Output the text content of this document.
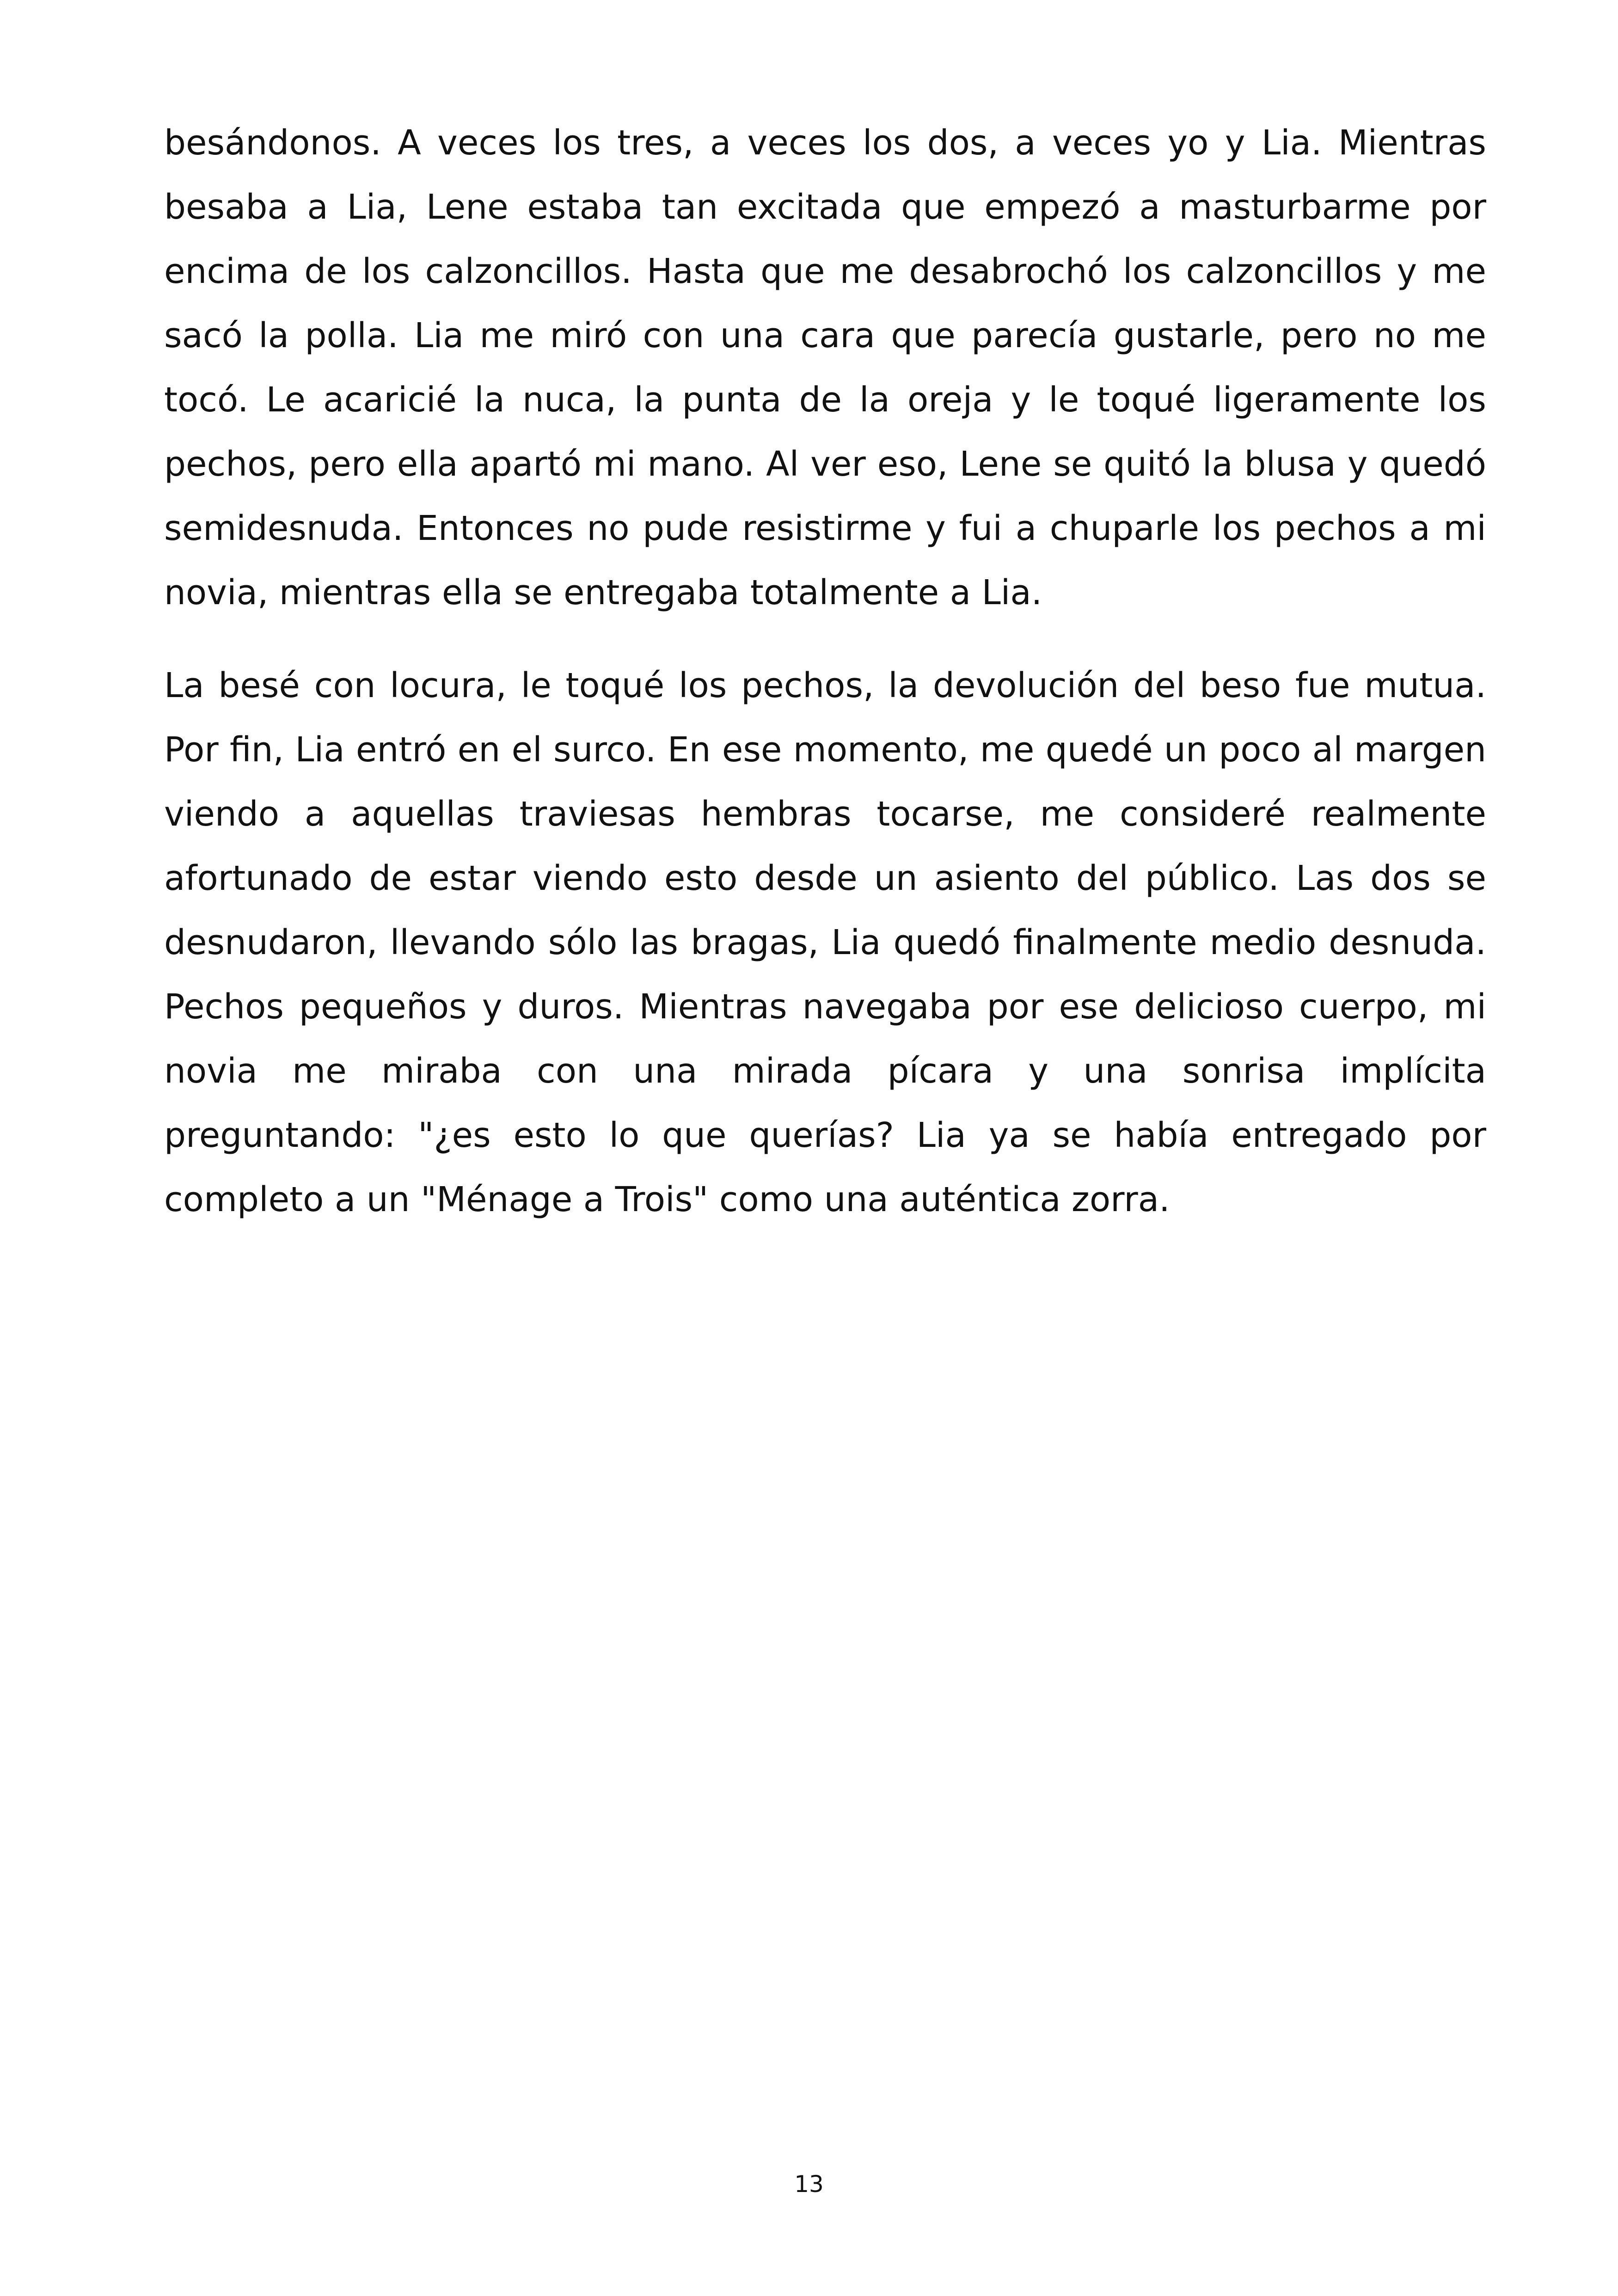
besándonos. A veces los tres, a veces los dos, a veces yo y Lia. Mientras besaba a Lia, Lene estaba tan excitada que empezó a masturbarme por encima de los calzoncillos. Hasta que me desabrochó los calzoncillos y me sacó la polla. Lia me miró con una cara que parecía gustarle, pero no me tocó. Le acaricié la nuca, la punta de la oreja y le toqué ligeramente los pechos, pero ella apartó mi mano. Al ver eso, Lene se quitó la blusa y quedó semidesnuda. Entonces no pude resistirme y fui a chuparle los pechos a mi novia, mientras ella se entregaba totalmente a Lia.

La besé con locura, le toqué los pechos, la devolución del beso fue mutua. Por fin, Lia entró en el surco. En ese momento, me quedé un poco al margen viendo a aquellas traviesas hembras tocarse, me consideré realmente afortunado de estar viendo esto desde un asiento del público. Las dos se desnudaron, llevando sólo las bragas, Lia quedó finalmente medio desnuda. Pechos pequeños y duros. Mientras navegaba por ese delicioso cuerpo, mi novia me miraba con una mirada pícara y una sonrisa implícita preguntando: "¿es esto lo que querías? Lia ya se había entregado por completo a un "Ménage a Trois" como una auténtica zorra.

13
